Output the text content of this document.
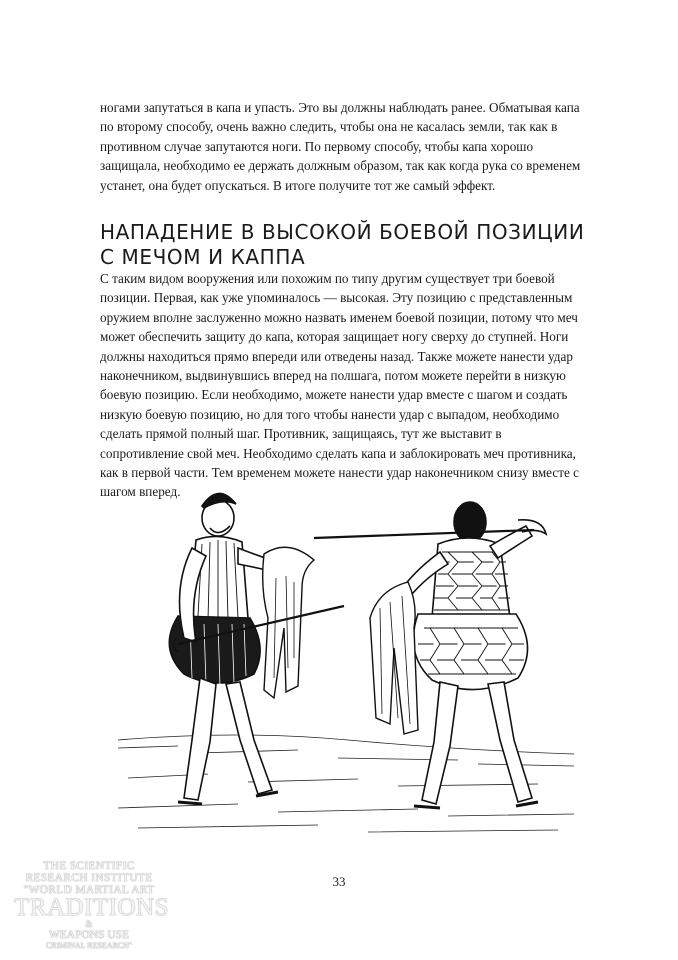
ногами запутаться в капа и упасть. Это вы должны наблюдать ранее. Обматывая капа по второму способу, очень важно следить, чтобы она не касалась земли, так как в противном случае запутаются ноги. По первому способу, чтобы капа хорошо защищала, необходимо ее держать должным образом, так как когда рука со временем устанет, она будет опускаться. В итоге получите тот же самый эффект.

НАПАДЕНИЕ В ВЫСОКОЙ БОЕВОЙ ПОЗИЦИИ С МЕЧОМ И КАППА

С таким видом вооружения или похожим по типу другим существует три боевой позиции. Первая, как уже упоминалось — высокая. Эту позицию с представленным оружием вполне заслуженно можно назвать именем боевой позиции, потому что меч может обеспечить защиту до капа, которая защищает ногу сверху до ступней. Ноги должны находиться прямо впереди или отведены назад. Также можете нанести удар наконечником, выдвинувшись вперед на полшага, потом можете перейти в низкую боевую позицию. Если необходимо, можете нанести удар вместе с шагом и создать низкую боевую позицию, но для того чтобы нанести удар с выпадом, необходимо сделать прямой полный шаг. Противник, защищаясь, тут же выставит в сопротивление свой меч. Необходимо сделать капа и заблокировать меч противника, как в первой части. Тем временем можете нанести удар наконечником снизу вместе с шагом вперед.

33
THE SCIENTIFIC
RESEARCH INSTITUTE
"WORLD MARTIAL ART
TRADITIONS
&
WEAPONS USE
CRIMINAL RESEARCH"
